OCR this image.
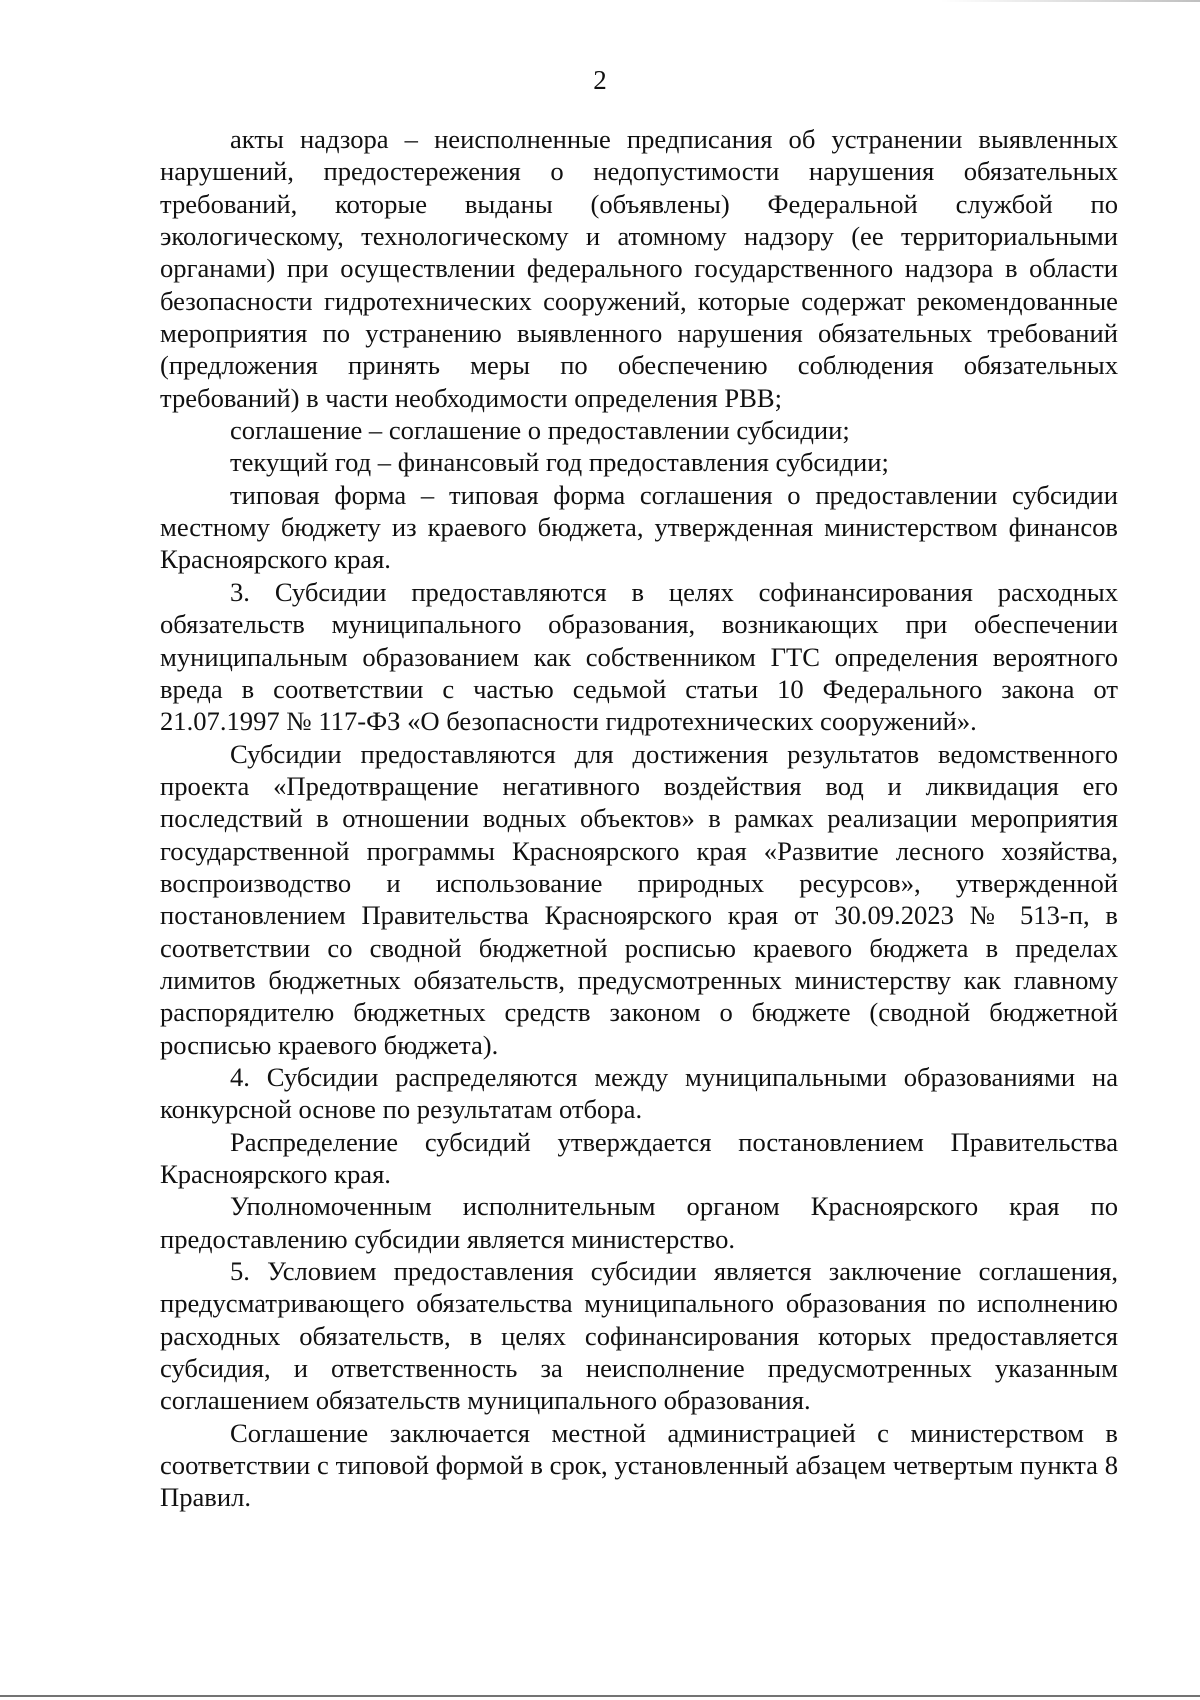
2

акты надзора – неисполненные предписания об устранении выявленных нарушений, предостережения о недопустимости нарушения обязательных требований, которые выданы (объявлены) Федеральной службой по экологическому, технологическому и атомному надзору (ее территориальными органами) при осуществлении федерального государственного надзора в области безопасности гидротехнических сооружений, которые содержат рекомендованные мероприятия по устранению выявленного нарушения обязательных требований (предложения принять меры по обеспечению соблюдения обязательных требований) в части необходимости определения РВВ;

соглашение – соглашение о предоставлении субсидии;

текущий год – финансовый год предоставления субсидии;

типовая форма – типовая форма соглашения о предоставлении субсидии местному бюджету из краевого бюджета, утвержденная министерством финансов Красноярского края.

3. Субсидии предоставляются в целях софинансирования расходных обязательств муниципального образования, возникающих при обеспечении муниципальным образованием как собственником ГТС определения вероятного вреда в соответствии с частью седьмой статьи 10 Федерального закона от 21.07.1997 № 117-ФЗ «О безопасности гидротехнических сооружений».

Субсидии предоставляются для достижения результатов ведомственного проекта «Предотвращение негативного воздействия вод и ликвидация его последствий в отношении водных объектов» в рамках реализации мероприятия государственной программы Красноярского края «Развитие лесного хозяйства, воспроизводство и использование природных ресурсов», утвержденной постановлением Правительства Красноярского края от 30.09.2023 № 513-п, в соответствии со сводной бюджетной росписью краевого бюджета в пределах лимитов бюджетных обязательств, предусмотренных министерству как главному распорядителю бюджетных средств законом о бюджете (сводной бюджетной росписью краевого бюджета).

4. Субсидии распределяются между муниципальными образованиями на конкурсной основе по результатам отбора.

Распределение субсидий утверждается постановлением Правительства Красноярского края.

Уполномоченным исполнительным органом Красноярского края по предоставлению субсидии является министерство.

5. Условием предоставления субсидии является заключение соглашения, предусматривающего обязательства муниципального образования по исполнению расходных обязательств, в целях софинансирования которых предоставляется субсидия, и ответственность за неисполнение предусмотренных указанным соглашением обязательств муниципального образования.

Соглашение заключается местной администрацией с министерством в соответствии с типовой формой в срок, установленный абзацем четвертым пункта 8 Правил.
